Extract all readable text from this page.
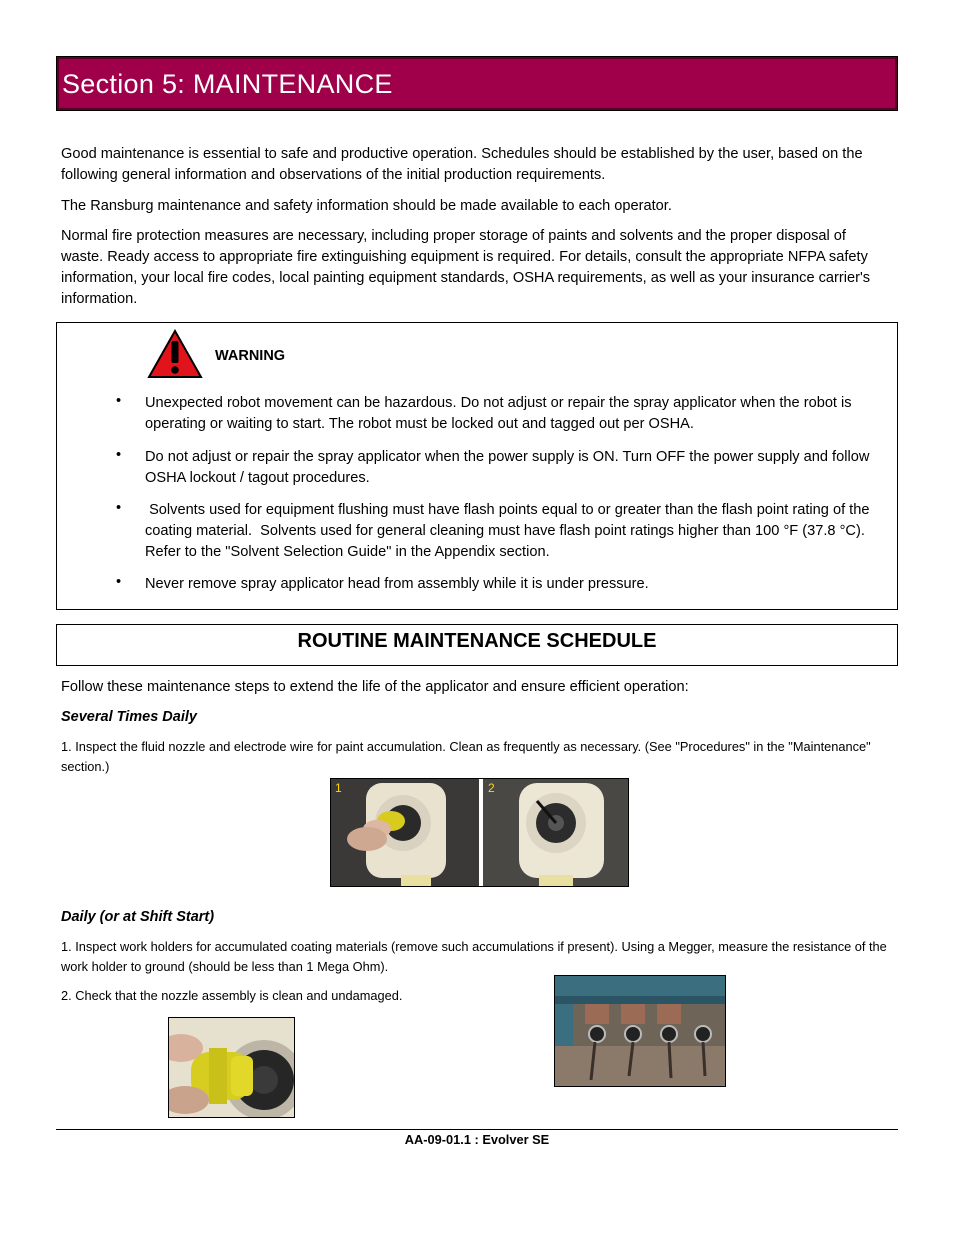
Section 5: MAINTENANCE
Good maintenance is essential to safe and productive operation. Schedules should be established by the user, based on the following general information and observations of the initial production requirements.
The Ransburg maintenance and safety information should be made available to each operator.
Normal fire protection measures are necessary, including proper storage of paints and solvents and the proper disposal of waste. Ready access to appropriate fire extinguishing equipment is required. For details, consult the appropriate NFPA safety information, your local fire codes, local painting equipment standards, OSHA requirements, as well as your insurance carrier's information.
WARNING
• Unexpected robot movement can be hazardous. Do not adjust or repair the spray applicator when the robot is operating or waiting to start. The robot must be locked out and tagged out per OSHA.
• Do not adjust or repair the spray applicator when the power supply is ON. Turn OFF the power supply and follow OSHA lockout / tagout procedures.
• Solvents used for equipment flushing must have flash points equal to or greater than the flash point rating of the coating material.  Solvents used for general cleaning must have flash point ratings higher than 100 °F (37.8 °C).  Refer to the "Solvent Selection Guide" in the Appendix section.
• Never remove spray applicator head from assembly while it is under pressure.
ROUTINE MAINTENANCE SCHEDULE
Follow these maintenance steps to extend the life of the applicator and ensure efficient operation:
Several Times Daily
1. Inspect the fluid nozzle and electrode wire for paint accumulation. Clean as frequently as necessary. (See "Procedures" in the "Maintenance" section.)
1	2
Daily (or at Shift Start)
1. Inspect work holders for accumulated coating materials (remove such accumulations if present). Using a Megger, measure the resistance of the work holder to ground (should be less than 1 Mega Ohm).
2. Check that the nozzle assembly is clean and undamaged.
AA-09-01.1 : Evolver SE
